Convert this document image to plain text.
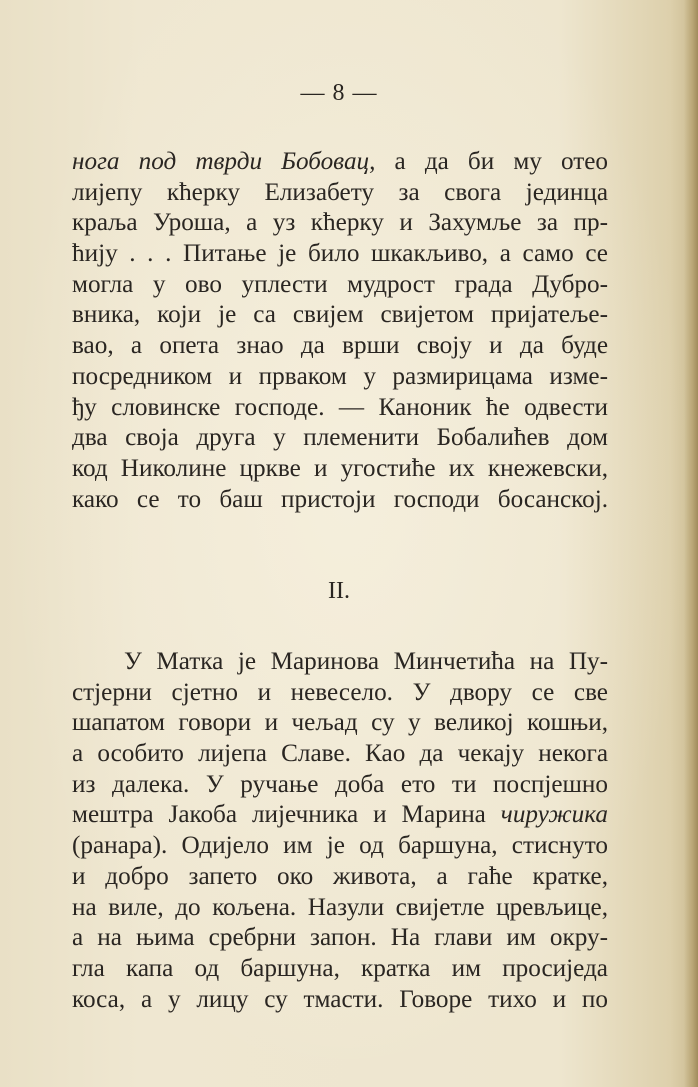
— 8 —
нога под тврди Бобовац, а да би му отео
лијепу кћерку Елизабету за свога јединца
краља Уроша, а уз кћерку и Захумље за пр-
ћију . . . Питање је било шкакљиво, а само се
могла у ово уплести мудрост града Дубро-
вника, који је са свијем свијетом пријатеље-
вао, а опета знао да врши своју и да буде
посредником и првaком у размирицама изме-
ђу словинске господе. — Каноник ће одвести
два своја друга у племенити Бобалићев дом
код Николине цркве и угостиће их кнежевски,
како се то баш пристоји господи босанској.
II.
У Матка је Маринова Минчетића на Пу-
стјерни сјетно и невесело. У двору се све
шапатом говори и чељад су у великој кошњи,
а особито лијепа Славе. Као да чекају некога
из далека. У ручање доба ето ти поспјешно
мештра Јакоба лијечника и Марина чиружика
(ранара). Одијело им је од баршуна, стиснуто
и добро запето око живота, а гаће кратке,
на виле, до кољена. Назули свијетле цревљице,
а на њима сребрни запон. На глави им окру-
гла капа од баршуна, кратка им просиједа
коса, а у лицу су тмасти. Говоре тихо и по
